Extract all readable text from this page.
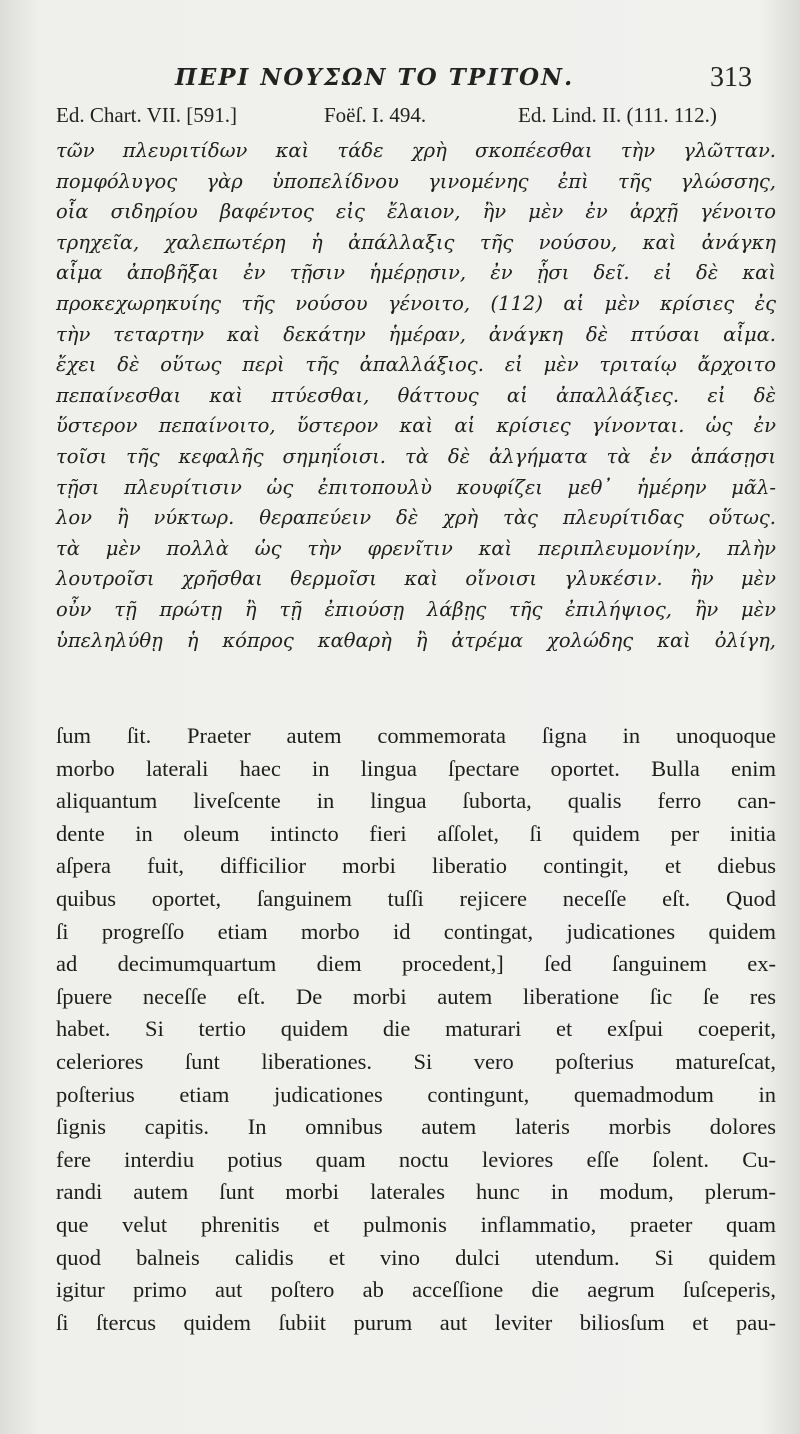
ΠΕΡΙ ΝΟΥΣΩΝ ΤΟ ΤΡΙΤΟΝ.	313
Ed. Chart. VII. [591.]	Foëſ. I. 494.	Ed. Lind. II. (111. 112.)
τῶν πλευριτίδων καὶ τάδε χρὴ σκοπέεσθαι τὴν γλῶτταν.
πομφόλυγος γὰρ ὑποπελίδνου γινομένης ἐπὶ τῆς γλώσσης,
οἷα σιδηρίου βαφέντος εἰς ἔλαιον, ἢν μὲν ἐν ἀρχῇ γένοιτο
τρηχεῖα, χαλεπωτέρη ἡ ἀπάλλαξις τῆς νούσου, καὶ ἀνάγκη
αἷμα ἀποβῆξαι ἐν τῇσιν ἡμέρῃσιν, ἐν ᾗσι δεῖ. εἰ δὲ καὶ
προκεχωρηκυίης τῆς νούσου γένοιτο, (112) αἱ μὲν κρίσιες ἐς
τὴν τεταρτην καὶ δεκάτην ἡμέραν, ἀνάγκη δὲ πτύσαι αἷμα.
ἔχει δὲ οὕτως περὶ τῆς ἀπαλλάξιος. εἰ μὲν τριταίῳ ἄρχοιτο
πεπαίνεσθαι καὶ πτύεσθαι, θάττους αἱ ἀπαλλάξιες. εἰ δὲ
ὕστερον πεπαίνοιτο, ὕστερον καὶ αἱ κρίσιες γίνονται. ὡς ἐν
τοῖσι τῆς κεφαλῆς σημηΐοισι. τὰ δὲ ἀλγήματα τὰ ἐν ἁπάσῃσι
τῇσι πλευρίτισιν ὡς ἐπιτοπουλὺ κουφίζει μεθ᾽ ἡμέρην μᾶλ-
λον ἢ νύκτωρ. θεραπεύειν δὲ χρὴ τὰς πλευρίτιδας οὕτως.
τὰ μὲν πολλὰ ὡς τὴν φρενῖτιν καὶ περιπλευμονίην, πλὴν
λουτροῖσι χρῆσθαι θερμοῖσι καὶ οἴνοισι γλυκέσιν. ἢν μὲν
οὖν τῇ πρώτῃ ἢ τῇ ἐπιούσῃ λάβῃς τῆς ἐπιλήψιος, ἢν μὲν
ὑπεληλύθῃ ἡ κόπρος καθαρὴ ἢ ἀτρέμα χολώδης καὶ ὀλίγη,
ſum ſit. Praeter autem commemorata ſigna in unoquoque
morbo laterali haec in lingua ſpectare oportet. Bulla enim
aliquantum liveſcente in lingua ſuborta, qualis ferro can-
dente in oleum intincto fieri aſſolet, ſi quidem per initia
aſpera fuit, difficilior morbi liberatio contingit, et diebus
quibus oportet, ſanguinem tuſſi rejicere neceſſe eſt. Quod
ſi progreſſo etiam morbo id contingat, judicationes quidem
ad decimumquartum diem procedent,] ſed ſanguinem ex-
ſpuere neceſſe eſt. De morbi autem liberatione ſic ſe res
habet. Si tertio quidem die maturari et exſpui coeperit,
celeriores ſunt liberationes. Si vero poſterius matureſcat,
poſterius etiam judicationes contingunt, quemadmodum in
ſignis capitis. In omnibus autem lateris morbis dolores
fere interdiu potius quam noctu leviores eſſe ſolent. Cu-
randi autem ſunt morbi laterales hunc in modum, plerum-
que velut phrenitis et pulmonis inflammatio, praeter quam
quod balneis calidis et vino dulci utendum. Si quidem
igitur primo aut poſtero ab acceſſione die aegrum ſuſceperis,
ſi ſtercus quidem ſubiit purum aut leviter biliosſum et pau-
